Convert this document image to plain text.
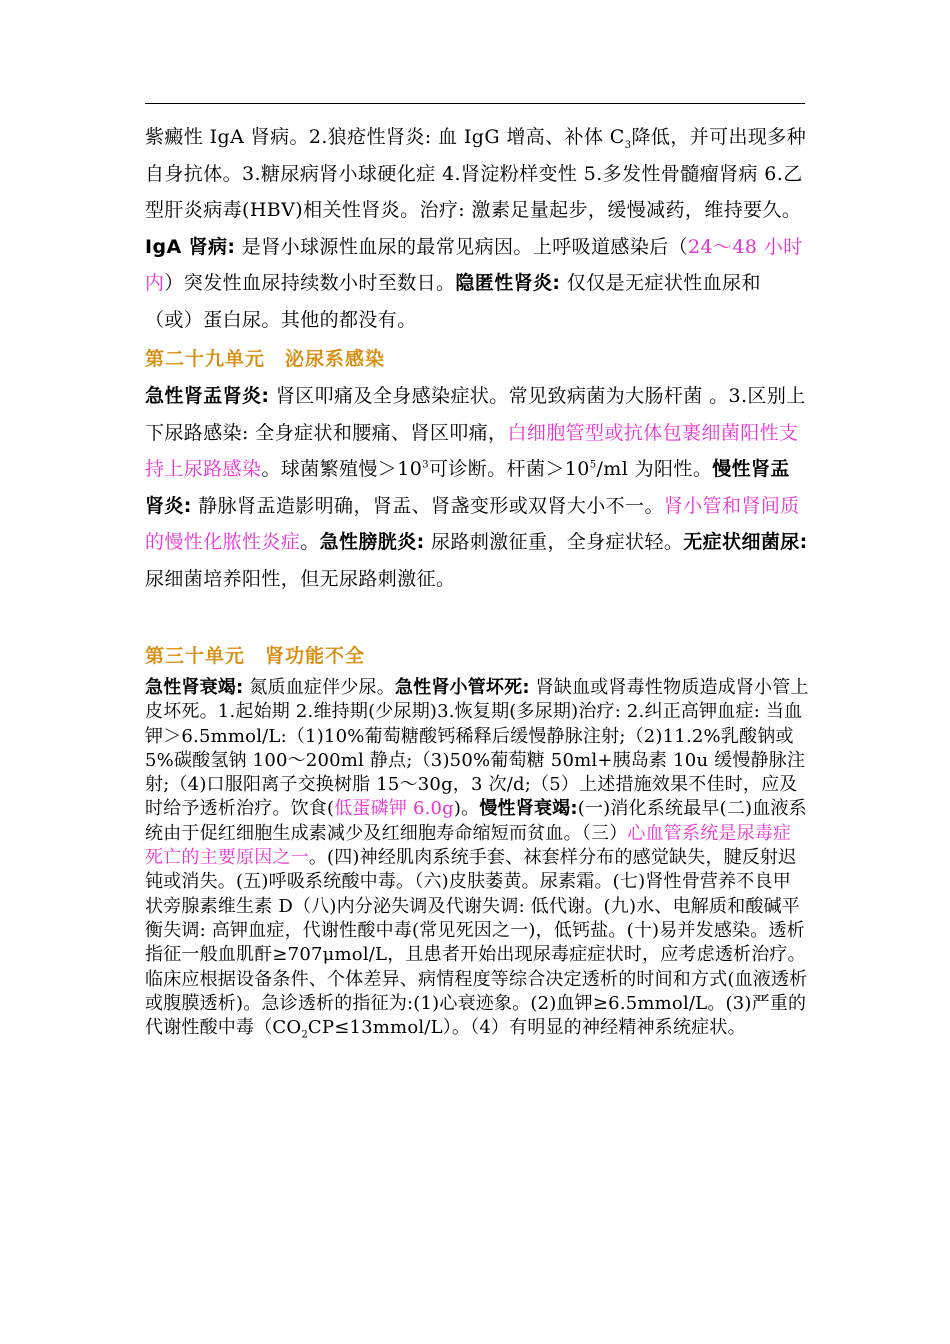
紫癜性 IgA 肾病。2.狼疮性肾炎: 血 IgG 增高、补体 $C_3$降低，并可出现多种自身抗体。3.糖尿病肾小球硬化症 4.肾淀粉样变性 5.多发性骨髓瘤肾病 6.乙型肝炎病毒(HBV)相关性肾炎。治疗: 激素足量起步，缓慢减药，维持要久。IgA 肾病: 是肾小球源性血尿的最常见病因。上呼吸道感染后（24～48 小时内）突发性血尿持续数小时至数日。隐匿性肾炎: 仅仅是无症状性血尿和（或）蛋白尿。其他的都没有。
第二十九单元　泌尿系感染
急性肾盂肾炎: 肾区叩痛及全身感染症状。常见致病菌为大肠杆菌 。3.区别上下尿路感染: 全身症状和腰痛、肾区叩痛，白细胞管型或抗体包裹细菌阳性支持上尿路感染。球菌繁殖慢$>10^3$可诊断。杆菌$>10^5/ml$ 为阳性。慢性肾盂肾炎: 静脉肾盂造影明确，肾盂、肾盏变形或双肾大小不一。肾小管和肾间质的慢性化脓性炎症。急性膀胱炎: 尿路刺激征重，全身症状轻。无症状细菌尿: 尿细菌培养阳性，但无尿路刺激征。
第三十单元　肾功能不全
急性肾衰竭: 氮质血症伴少尿。急性肾小管坏死: 肾缺血或肾毒性物质造成肾小管上皮坏死。1.起始期 2.维持期(少尿期)3.恢复期(多尿期)治疗: 2.纠正高钾血症: 当血钾＞6.5mmol/L:（1)10%葡萄糖酸钙稀释后缓慢静脉注射;（2)11.2%乳酸钠或 5%碳酸氢钠 100～200ml 静点;（3)50%葡萄糖 50ml+胰岛素 10u 缓慢静脉注射;（4)口服阳离子交换树脂 15～30g，3 次/d;（5）上述措施效果不佳时，应及时给予透析治疗。饮食(低蛋磷钾 6.0g)。慢性肾衰竭:(一)消化系统最早(二)血液系统由于促红细胞生成素减少及红细胞寿命缩短而贫血。（三）心血管系统是尿毒症死亡的主要原因之一。(四)神经肌肉系统手套、袜套样分布的感觉缺失，腱反射迟钝或消失。(五)呼吸系统酸中毒。（六)皮肤萎黄。尿素霜。(七)肾性骨营养不良甲状旁腺素维生素 D（八)内分泌失调及代谢失调: 低代谢。(九)水、电解质和酸碱平衡失调: 高钾血症，代谢性酸中毒(常见死因之一)，低钙盐。(十)易并发感染。透析指征一般血肌酐≥707μmol/L，且患者开始出现尿毒症症状时，应考虑透析治疗。临床应根据设备条件、个体差异、病情程度等综合决定透析的时间和方式(血液透析或腹膜透析)。急诊透析的指征为:(1)心衰迹象。(2)血钾≥6.5mmol/L。(3)严重的代谢性酸中毒$(CO_2CP\le 13mmol/L)$。（4）有明显的神经精神系统症状。
